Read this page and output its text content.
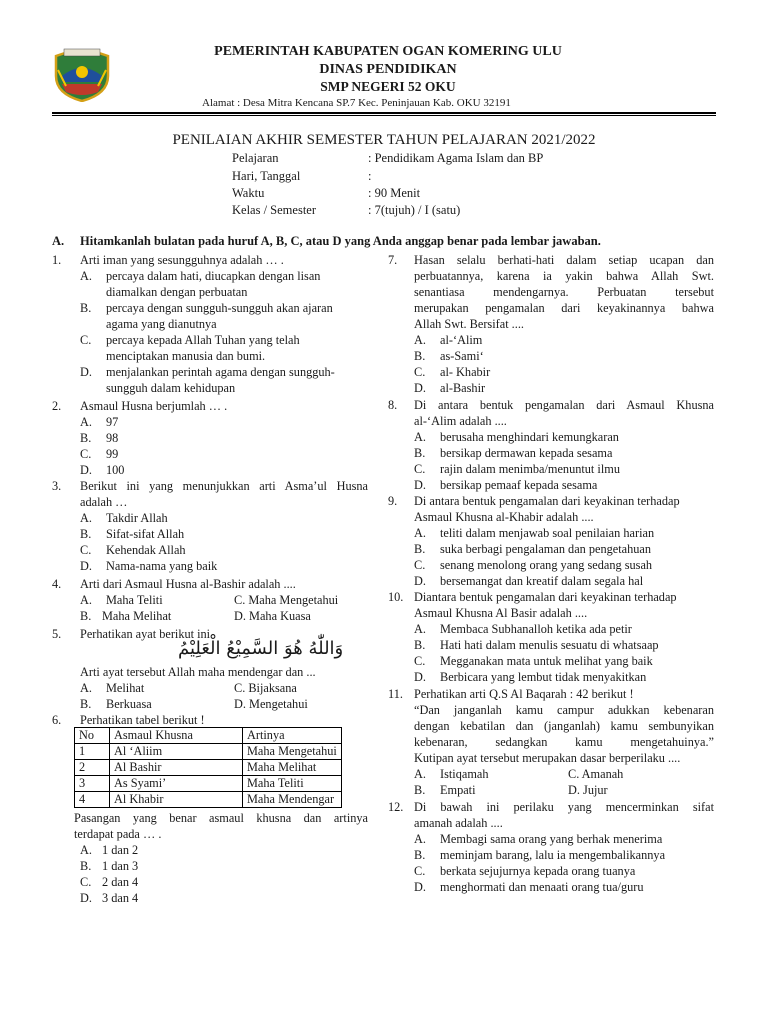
PEMERINTAH KABUPATEN OGAN KOMERING ULU
DINAS PENDIDIKAN
SMP NEGERI 52 OKU
Alamat : Desa Mitra Kencana SP.7 Kec. Peninjauan Kab. OKU 32191
PENILAIAN AKHIR SEMESTER TAHUN PELAJARAN 2021/2022
Pelajaran	: Pendidikam Agama Islam dan BP
Hari, Tanggal	:
Waktu	: 90 Menit
Kelas / Semester	: 7(tujuh) / I (satu)
A. Hitamkanlah bulatan pada huruf A, B, C, atau D yang Anda anggap benar pada lembar jawaban.
وَاللّٰهُ هُوَ السَّمِيْعُ الْعَلِيْمُ
No	Asmaul Khusna	Artinya
1	Al ‘Aliim	Maha Mengetahui
2	Al Bashir	Maha Melihat
3	As Syami’	Maha Teliti
4	Al Khabir	Maha Mendengar
1. Arti iman yang sesungguhnya adalah … .
A. percaya dalam hati, diucapkan dengan lisan
diamalkan dengan perbuatan
B. percaya dengan sungguh-sungguh akan ajaran
agama yang dianutnya
C. percaya kepada Allah Tuhan yang telah
menciptakan manusia dan bumi.
D. menjalankan perintah agama dengan sungguh-
sungguh dalam kehidupan
2. Asmaul Husna berjumlah … .
A. 97
B. 98
C. 99
D. 100
3. Berikut ini yang menunjukkan arti Asma’ul Husna
adalah …
A. Takdir Allah
B. Sifat-sifat Allah
C. Kehendak Allah
D. Nama-nama yang baik
4. Arti dari Asmaul Husna al-Bashir adalah ....
A. Maha Teliti	C. Maha Mengetahui
B. Maha Melihat	D. Maha Kuasa
5. Perhatikan ayat berikut ini
Arti ayat tersebut Allah maha mendengar dan ...
A. Melihat	C. Bijaksana
B. Berkuasa	D. Mengetahui
6. Perhatikan tabel berikut !
Pasangan yang benar asmaul khusna dan artinya
terdapat pada … .
A. 1 dan 2
B. 1 dan 3
C. 2 dan 4
D. 3 dan 4
7. Hasan selalu berhati-hati dalam setiap ucapan dan
perbuatannya, karena ia yakin bahwa Allah Swt.
senantiasa mendengarnya. Perbuatan tersebut
merupakan pengamalan dari keyakinannya bahwa
Allah Swt. Bersifat ....
A. al-‘Alim
B. as-Sami‘
C. al- Khabir
D. al-Bashir
8. Di antara bentuk pengamalan dari Asmaul Khusna
al-‘Alim adalah ....
A. berusaha menghindari kemungkaran
B. bersikap dermawan kepada sesama
C. rajin dalam menimba/menuntut ilmu
D. bersikap pemaaf kepada sesama
9. Di antara bentuk pengamalan dari keyakinan terhadap
Asmaul Khusna al-Khabir adalah ....
A. teliti dalam menjawab soal penilaian harian
B. suka berbagi pengalaman dan pengetahuan
C. senang menolong orang yang sedang susah
D. bersemangat dan kreatif dalam segala hal
10. Diantara bentuk pengamalan dari keyakinan terhadap
Asmaul Khusna Al Basir adalah ....
A. Membaca Subhanalloh ketika ada petir
B. Hati hati dalam menulis sesuatu di whatsaap
C. Megganakan mata untuk melihat yang baik
D. Berbicara yang lembut tidak menyakitkan
11. Perhatikan arti Q.S Al Baqarah : 42 berikut !
“Dan janganlah kamu campur adukkan kebenaran
dengan kebatilan dan (janganlah) kamu sembunyikan
kebenaran, sedangkan kamu mengetahuinya.”
Kutipan ayat tersebut merupakan dasar berperilaku ....
A. Istiqamah	C. Amanah
B. Empati	D. Jujur
12. Di bawah ini perilaku yang mencerminkan sifat
amanah adalah ....
A. Membagi sama orang yang berhak menerima
B. meminjam barang, lalu ia mengembalikannya
C. berkata sejujurnya kepada orang tuanya
D. menghormati dan menaati orang tua/guru
